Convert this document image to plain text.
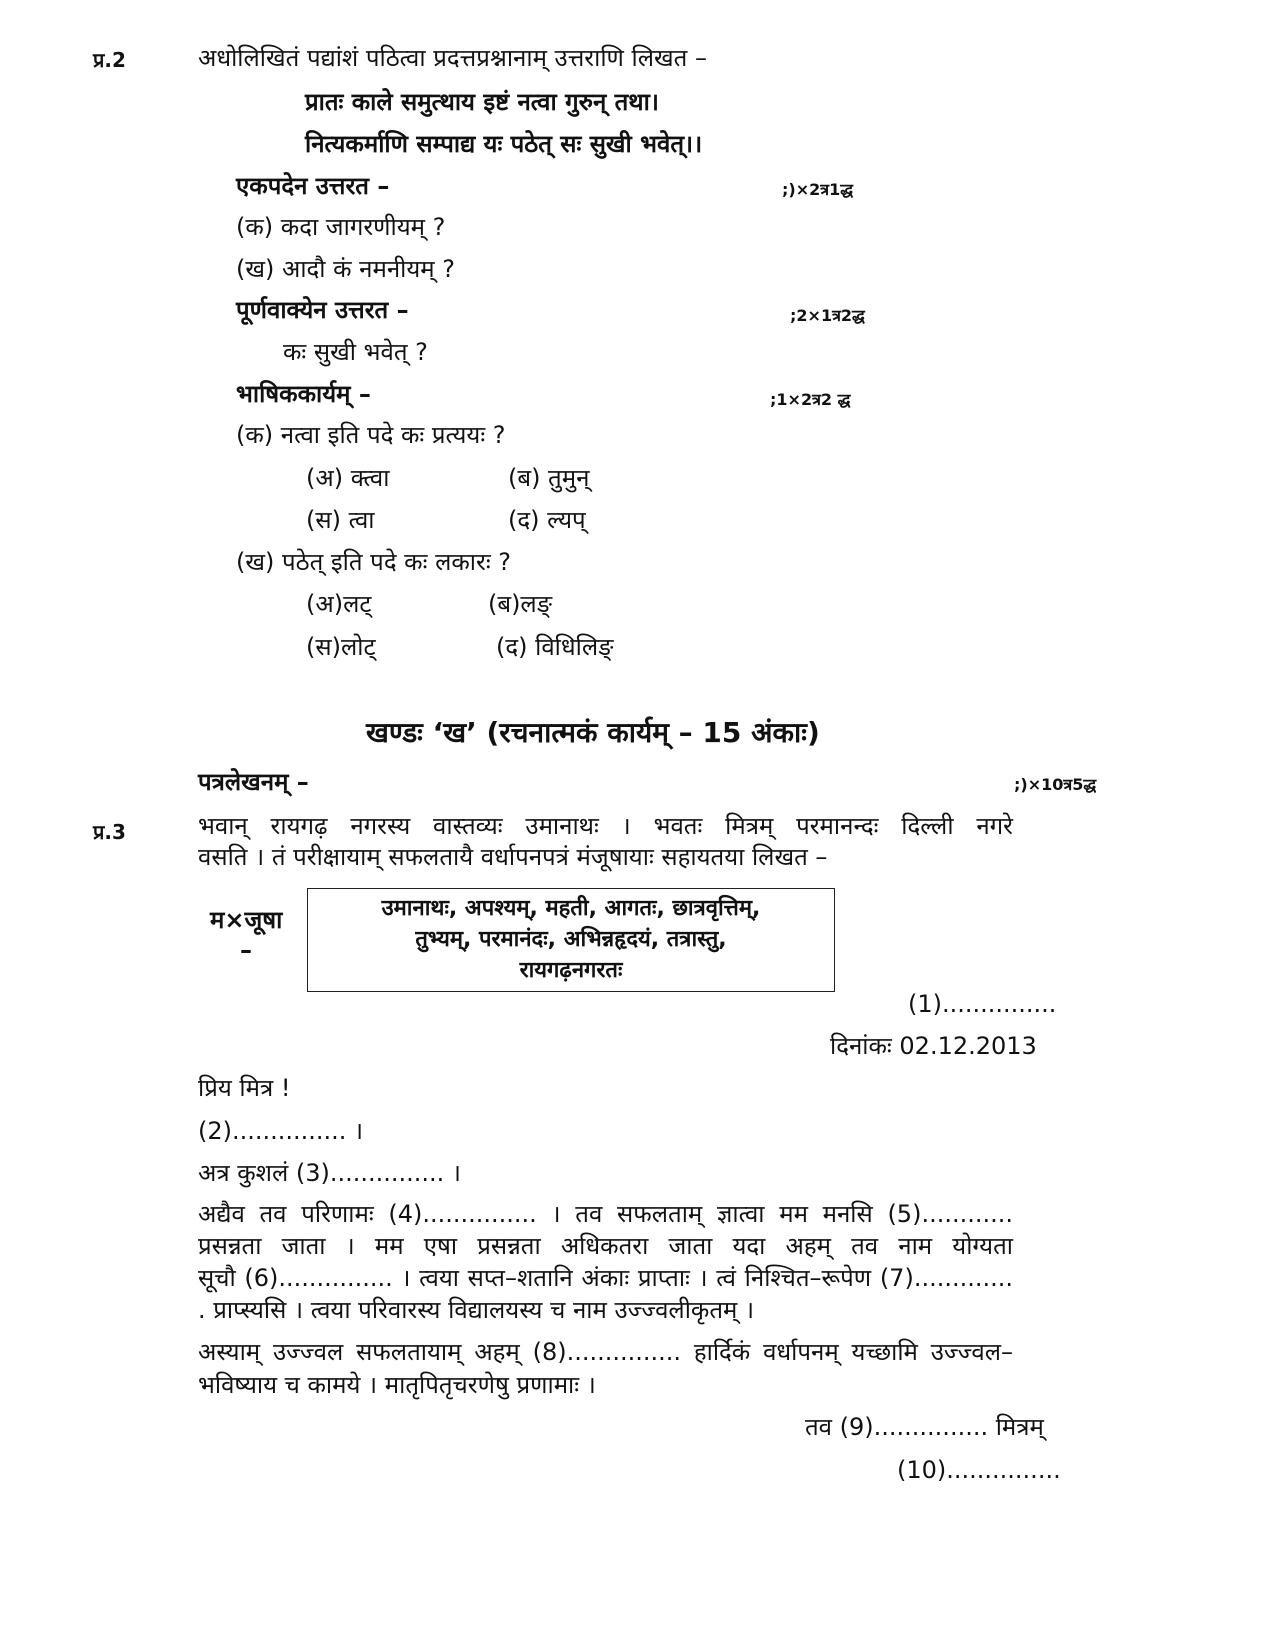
प्र.2	अधोलिखितं पद्यांशं पठित्वा प्रदत्तप्रश्नानाम् उत्तराणि लिखत –
प्रातः काले समुत्थाय इष्टं नत्वा गुरुन् तथा।
नित्यकर्माणि सम्पाद्य यः पठेत् सः सुखी भवेत्।।
एकपदेन उत्तरत –	;)×2त्र1द्ध
(क) कदा जागरणीयम् ?
(ख) आदौ कं नमनीयम् ?
पूर्णवाक्येन उत्तरत –	;2×1त्र2द्ध
कः सुखी भवेत् ?
भाषिककार्यम् –	;1×2त्र2 द्ध
(क) नत्वा इति पदे कः प्रत्ययः ?
(अ) क्त्वा	(ब) तुमुन्
(स) त्वा	(द) ल्यप्
(ख) पठेत् इति पदे कः लकारः ?
(अ)लट्	(ब)लङ्
(स)लोट्	(द) विधिलिङ्
खण्डः ‘ख’ (रचनात्मकं कार्यम् – 15 अंकाः)
पत्रलेखनम् –	;)×10त्र5द्ध
प्र.3	भवान् रायगढ़ नगरस्य वास्तव्यः उमानाथः । भवतः मित्रम् परमानन्दः दिल्ली नगरे
वसति । तं परीक्षायाम् सफलतायै वर्धापनपत्रं मंजूषायाः सहायतया लिखत –
म×जूषा
–
उमानाथः, अपश्यम्, महती, आगतः, छात्रवृत्तिम्,
तुभ्यम्, परमानंदः, अभिन्नहृदयं, तत्रास्तु,
रायगढ़नगरतः
(1)...............
दिनांकः 02.12.2013
प्रिय मित्र !
(2)............... ।
अत्र कुशलं (3)............... ।
अद्यैव तव परिणामः (4)............... । तव सफलताम् ज्ञात्वा मम मनसि (5)............
प्रसन्नता जाता । मम एषा प्रसन्नता अधिकतरा जाता यदा अहम् तव नाम योग्यता
सूचौ (6)............... । त्वया सप्त–शतानि अंकाः प्राप्ताः । त्वं निश्चित–रूपेण (7).............
. प्राप्स्यसि । त्वया परिवारस्य विद्यालयस्य च नाम उज्ज्वलीकृतम् ।
अस्याम् उज्ज्वल सफलतायाम् अहम् (8)............... हार्दिकं वर्धापनम् यच्छामि उज्ज्वल–
भविष्याय च कामये । मातृपितृचरणेषु प्रणामाः ।
तव (9)............... मित्रम्
(10)...............
